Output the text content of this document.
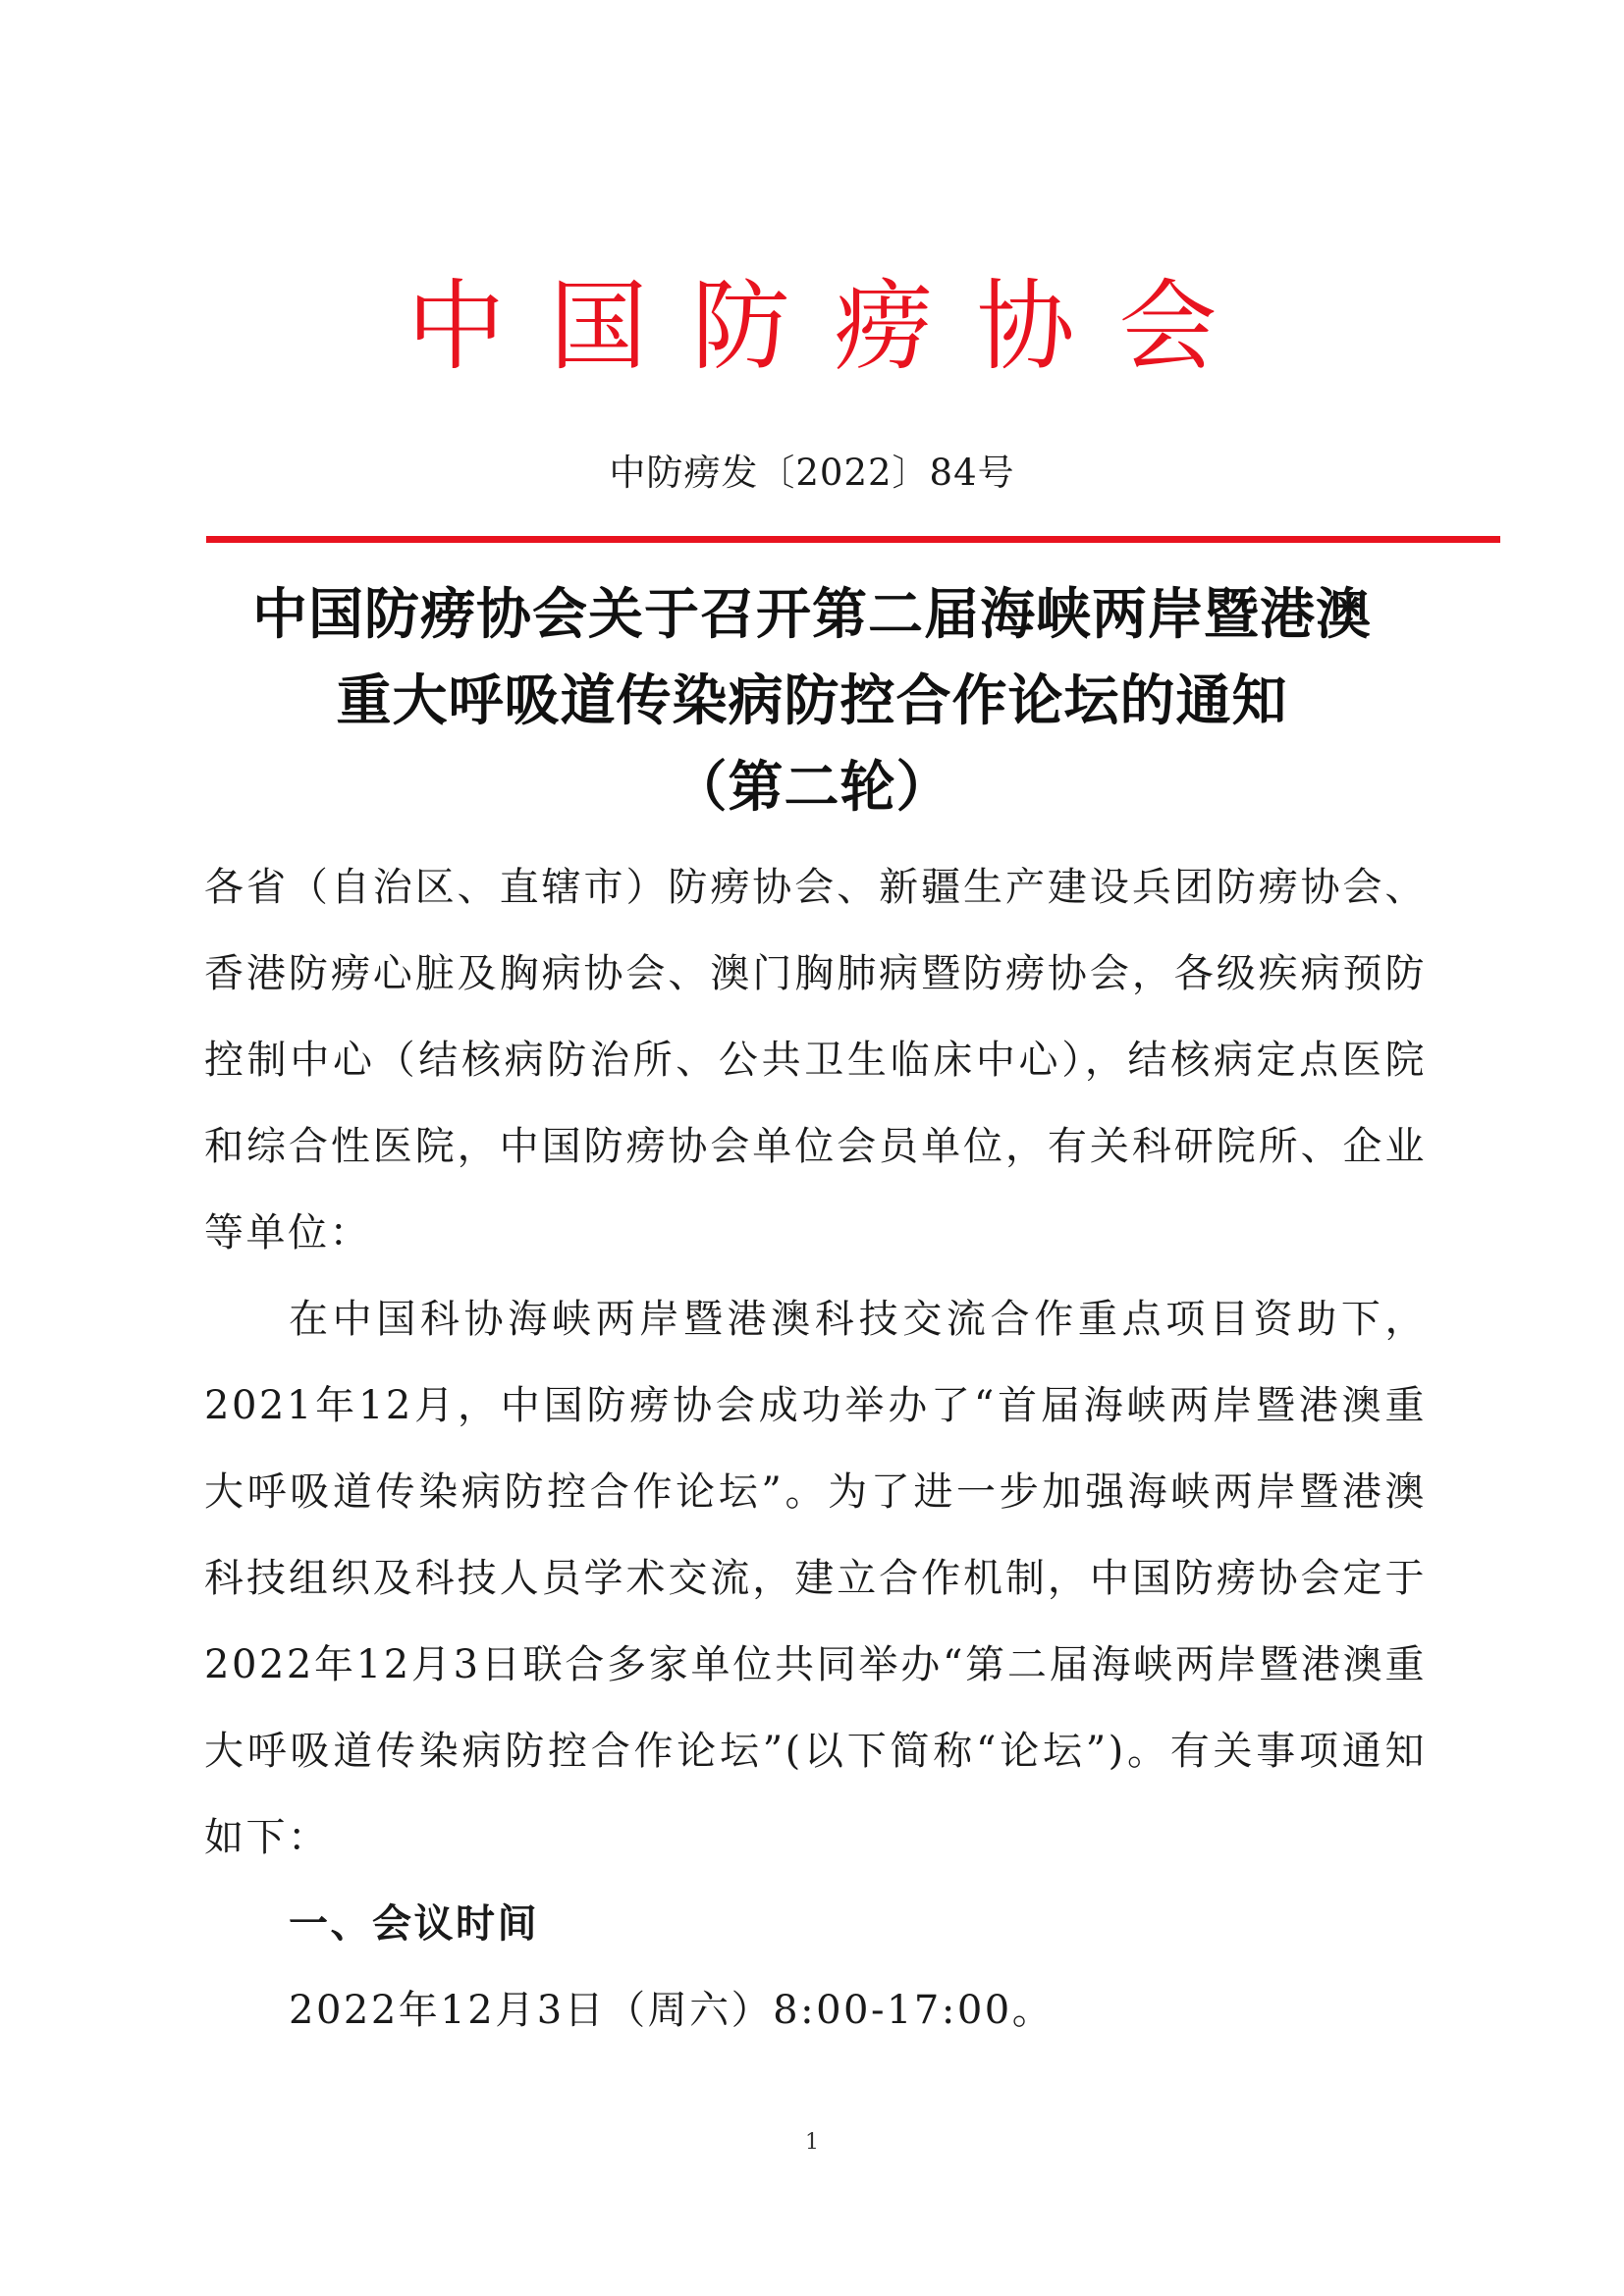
中国防痨协会
中防痨发〔2022〕84号
中国防痨协会关于召开第二届海峡两岸暨港澳
重大呼吸道传染病防控合作论坛的通知
（第二轮）

各省（自治区、直辖市）防痨协会、新疆生产建设兵团防痨协会、香港防痨心脏及胸病协会、澳门胸肺病暨防痨协会，各级疾病预防控制中心（结核病防治所、公共卫生临床中心），结核病定点医院和综合性医院，中国防痨协会单位会员单位，有关科研院所、企业等单位：

在中国科协海峡两岸暨港澳科技交流合作重点项目资助下，2021年12月，中国防痨协会成功举办了“首届海峡两岸暨港澳重大呼吸道传染病防控合作论坛”。为了进一步加强海峡两岸暨港澳科技组织及科技人员学术交流，建立合作机制，中国防痨协会定于2022年12月3日联合多家单位共同举办“第二届海峡两岸暨港澳重大呼吸道传染病防控合作论坛”(以下简称“论坛”)。有关事项通知如下：

一、会议时间

2022年12月3日（周六）8:00-17:00。

1
